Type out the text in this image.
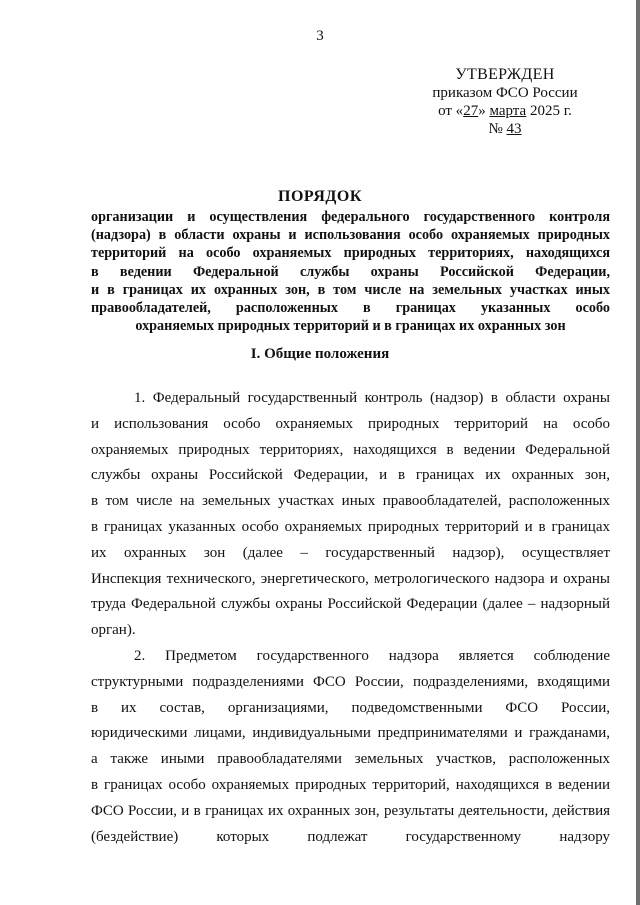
3
УТВЕРЖДЕН
приказом ФСО России
от «27» марта 2025 г.
№ 43
ПОРЯДОК
организации и осуществления федерального государственного контроля
(надзора) в области охраны и использования особо охраняемых природных
территорий на особо охраняемых природных территориях, находящихся
в ведении Федеральной службы охраны Российской Федерации,
и в границах их охранных зон, в том числе на земельных участках иных
правообладателей, расположенных в границах указанных особо
охраняемых природных территорий и в границах их охранных зон
I. Общие положения
1. Федеральный государственный контроль (надзор) в области охраны
и использования особо охраняемых природных территорий на особо
охраняемых природных территориях, находящихся в ведении Федеральной
службы охраны Российской Федерации, и в границах их охранных зон,
в том числе на земельных участках иных правообладателей, расположенных
в границах указанных особо охраняемых природных территорий и в границах
их охранных зон (далее – государственный надзор), осуществляет
Инспекция технического, энергетического, метрологического надзора и охраны
труда Федеральной службы охраны Российской Федерации (далее – надзорный
орган).
2. Предметом государственного надзора является соблюдение
структурными подразделениями ФСО России, подразделениями, входящими
в их состав, организациями, подведомственными ФСО России,
юридическими лицами, индивидуальными предпринимателями и гражданами,
а также иными правообладателями земельных участков, расположенных
в границах особо охраняемых природных территорий, находящихся в ведении
ФСО России, и в границах их охранных зон, результаты деятельности, действия
(бездействие) которых подлежат государственному надзору
